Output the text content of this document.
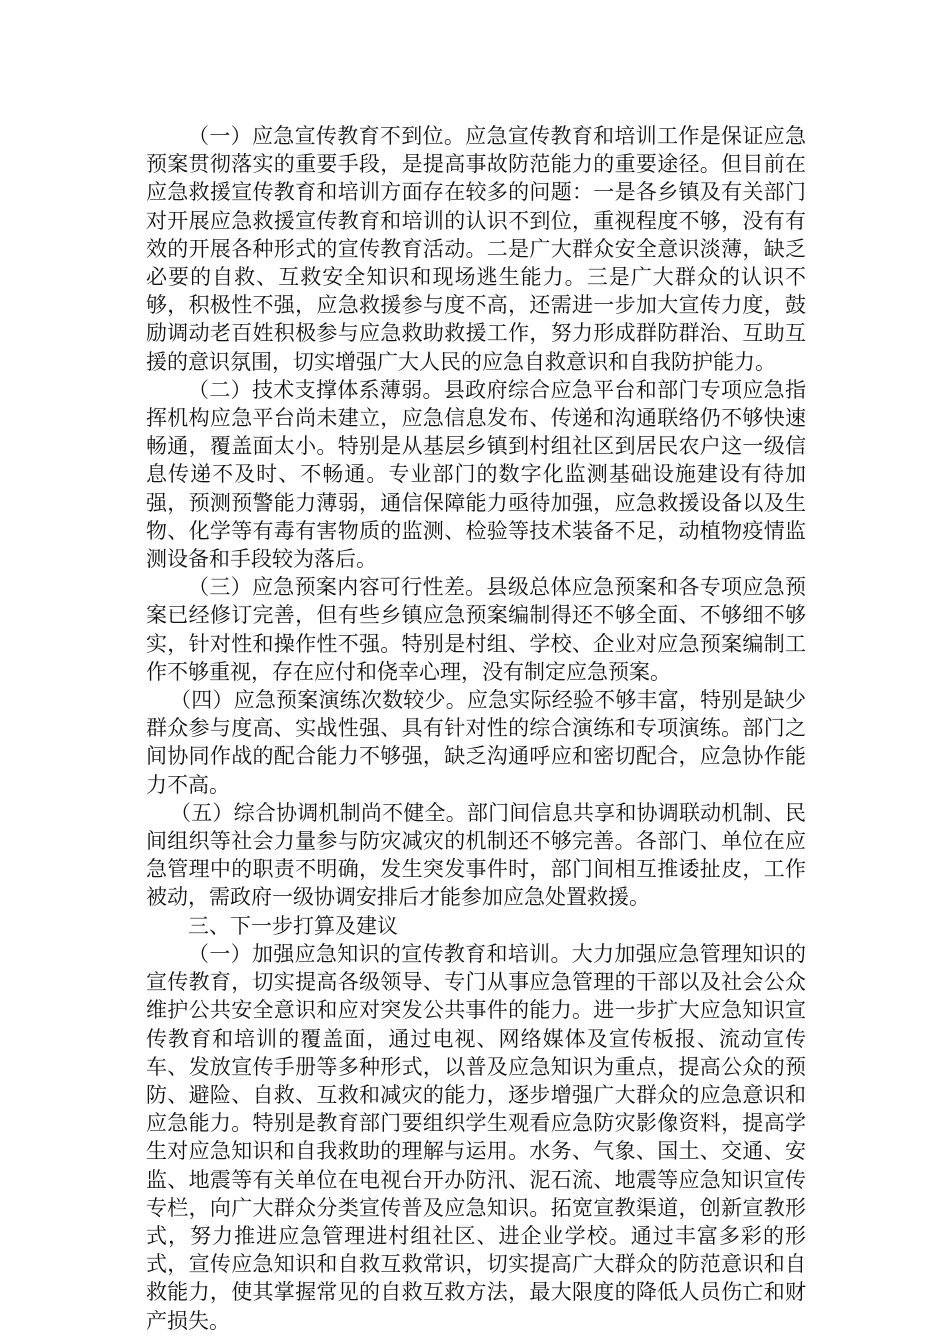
（一）应急宣传教育不到位。应急宣传教育和培训工作是保证应急预案贯彻落实的重要手段，是提高事故防范能力的重要途径。但目前在应急救援宣传教育和培训方面存在较多的问题：一是各乡镇及有关部门对开展应急救援宣传教育和培训的认识不到位，重视程度不够，没有有效的开展各种形式的宣传教育活动。二是广大群众安全意识淡薄，缺乏必要的自救、互救安全知识和现场逃生能力。三是广大群众的认识不够，积极性不强，应急救援参与度不高，还需进一步加大宣传力度，鼓励调动老百姓积极参与应急救助救援工作，努力形成群防群治、互助互援的意识氛围，切实增强广大人民的应急自救意识和自我防护能力。

（二）技术支撑体系薄弱。县政府综合应急平台和部门专项应急指挥机构应急平台尚未建立，应急信息发布、传递和沟通联络仍不够快速畅通，覆盖面太小。特别是从基层乡镇到村组社区到居民农户这一级信息传递不及时、不畅通。专业部门的数字化监测基础设施建设有待加强，预测预警能力薄弱，通信保障能力亟待加强，应急救援设备以及生物、化学等有毒有害物质的监测、检验等技术装备不足，动植物疫情监测设备和手段较为落后。

（三）应急预案内容可行性差。县级总体应急预案和各专项应急预案已经修订完善，但有些乡镇应急预案编制得还不够全面、不够细不够实，针对性和操作性不强。特别是村组、学校、企业对应急预案编制工作不够重视，存在应付和侥幸心理，没有制定应急预案。

（四）应急预案演练次数较少。应急实际经验不够丰富，特别是缺少群众参与度高、实战性强、具有针对性的综合演练和专项演练。部门之间协同作战的配合能力不够强，缺乏沟通呼应和密切配合，应急协作能力不高。

（五）综合协调机制尚不健全。部门间信息共享和协调联动机制、民间组织等社会力量参与防灾减灾的机制还不够完善。各部门、单位在应急管理中的职责不明确，发生突发事件时，部门间相互推诿扯皮，工作被动，需政府一级协调安排后才能参加应急处置救援。

三、下一步打算及建议

（一）加强应急知识的宣传教育和培训。大力加强应急管理知识的宣传教育，切实提高各级领导、专门从事应急管理的干部以及社会公众维护公共安全意识和应对突发公共事件的能力。进一步扩大应急知识宣传教育和培训的覆盖面，通过电视、网络媒体及宣传板报、流动宣传车、发放宣传手册等多种形式，以普及应急知识为重点，提高公众的预防、避险、自救、互救和减灾的能力，逐步增强广大群众的应急意识和应急能力。特别是教育部门要组织学生观看应急防灾影像资料，提高学生对应急知识和自我救助的理解与运用。水务、气象、国土、交通、安监、地震等有关单位在电视台开办防汛、泥石流、地震等应急知识宣传专栏，向广大群众分类宣传普及应急知识。拓宽宣教渠道，创新宣教形式，努力推进应急管理进村组社区、进企业学校。通过丰富多彩的形式，宣传应急知识和自救互救常识，切实提高广大群众的防范意识和自救能力，使其掌握常见的自救互救方法，最大限度的降低人员伤亡和财产损失。
